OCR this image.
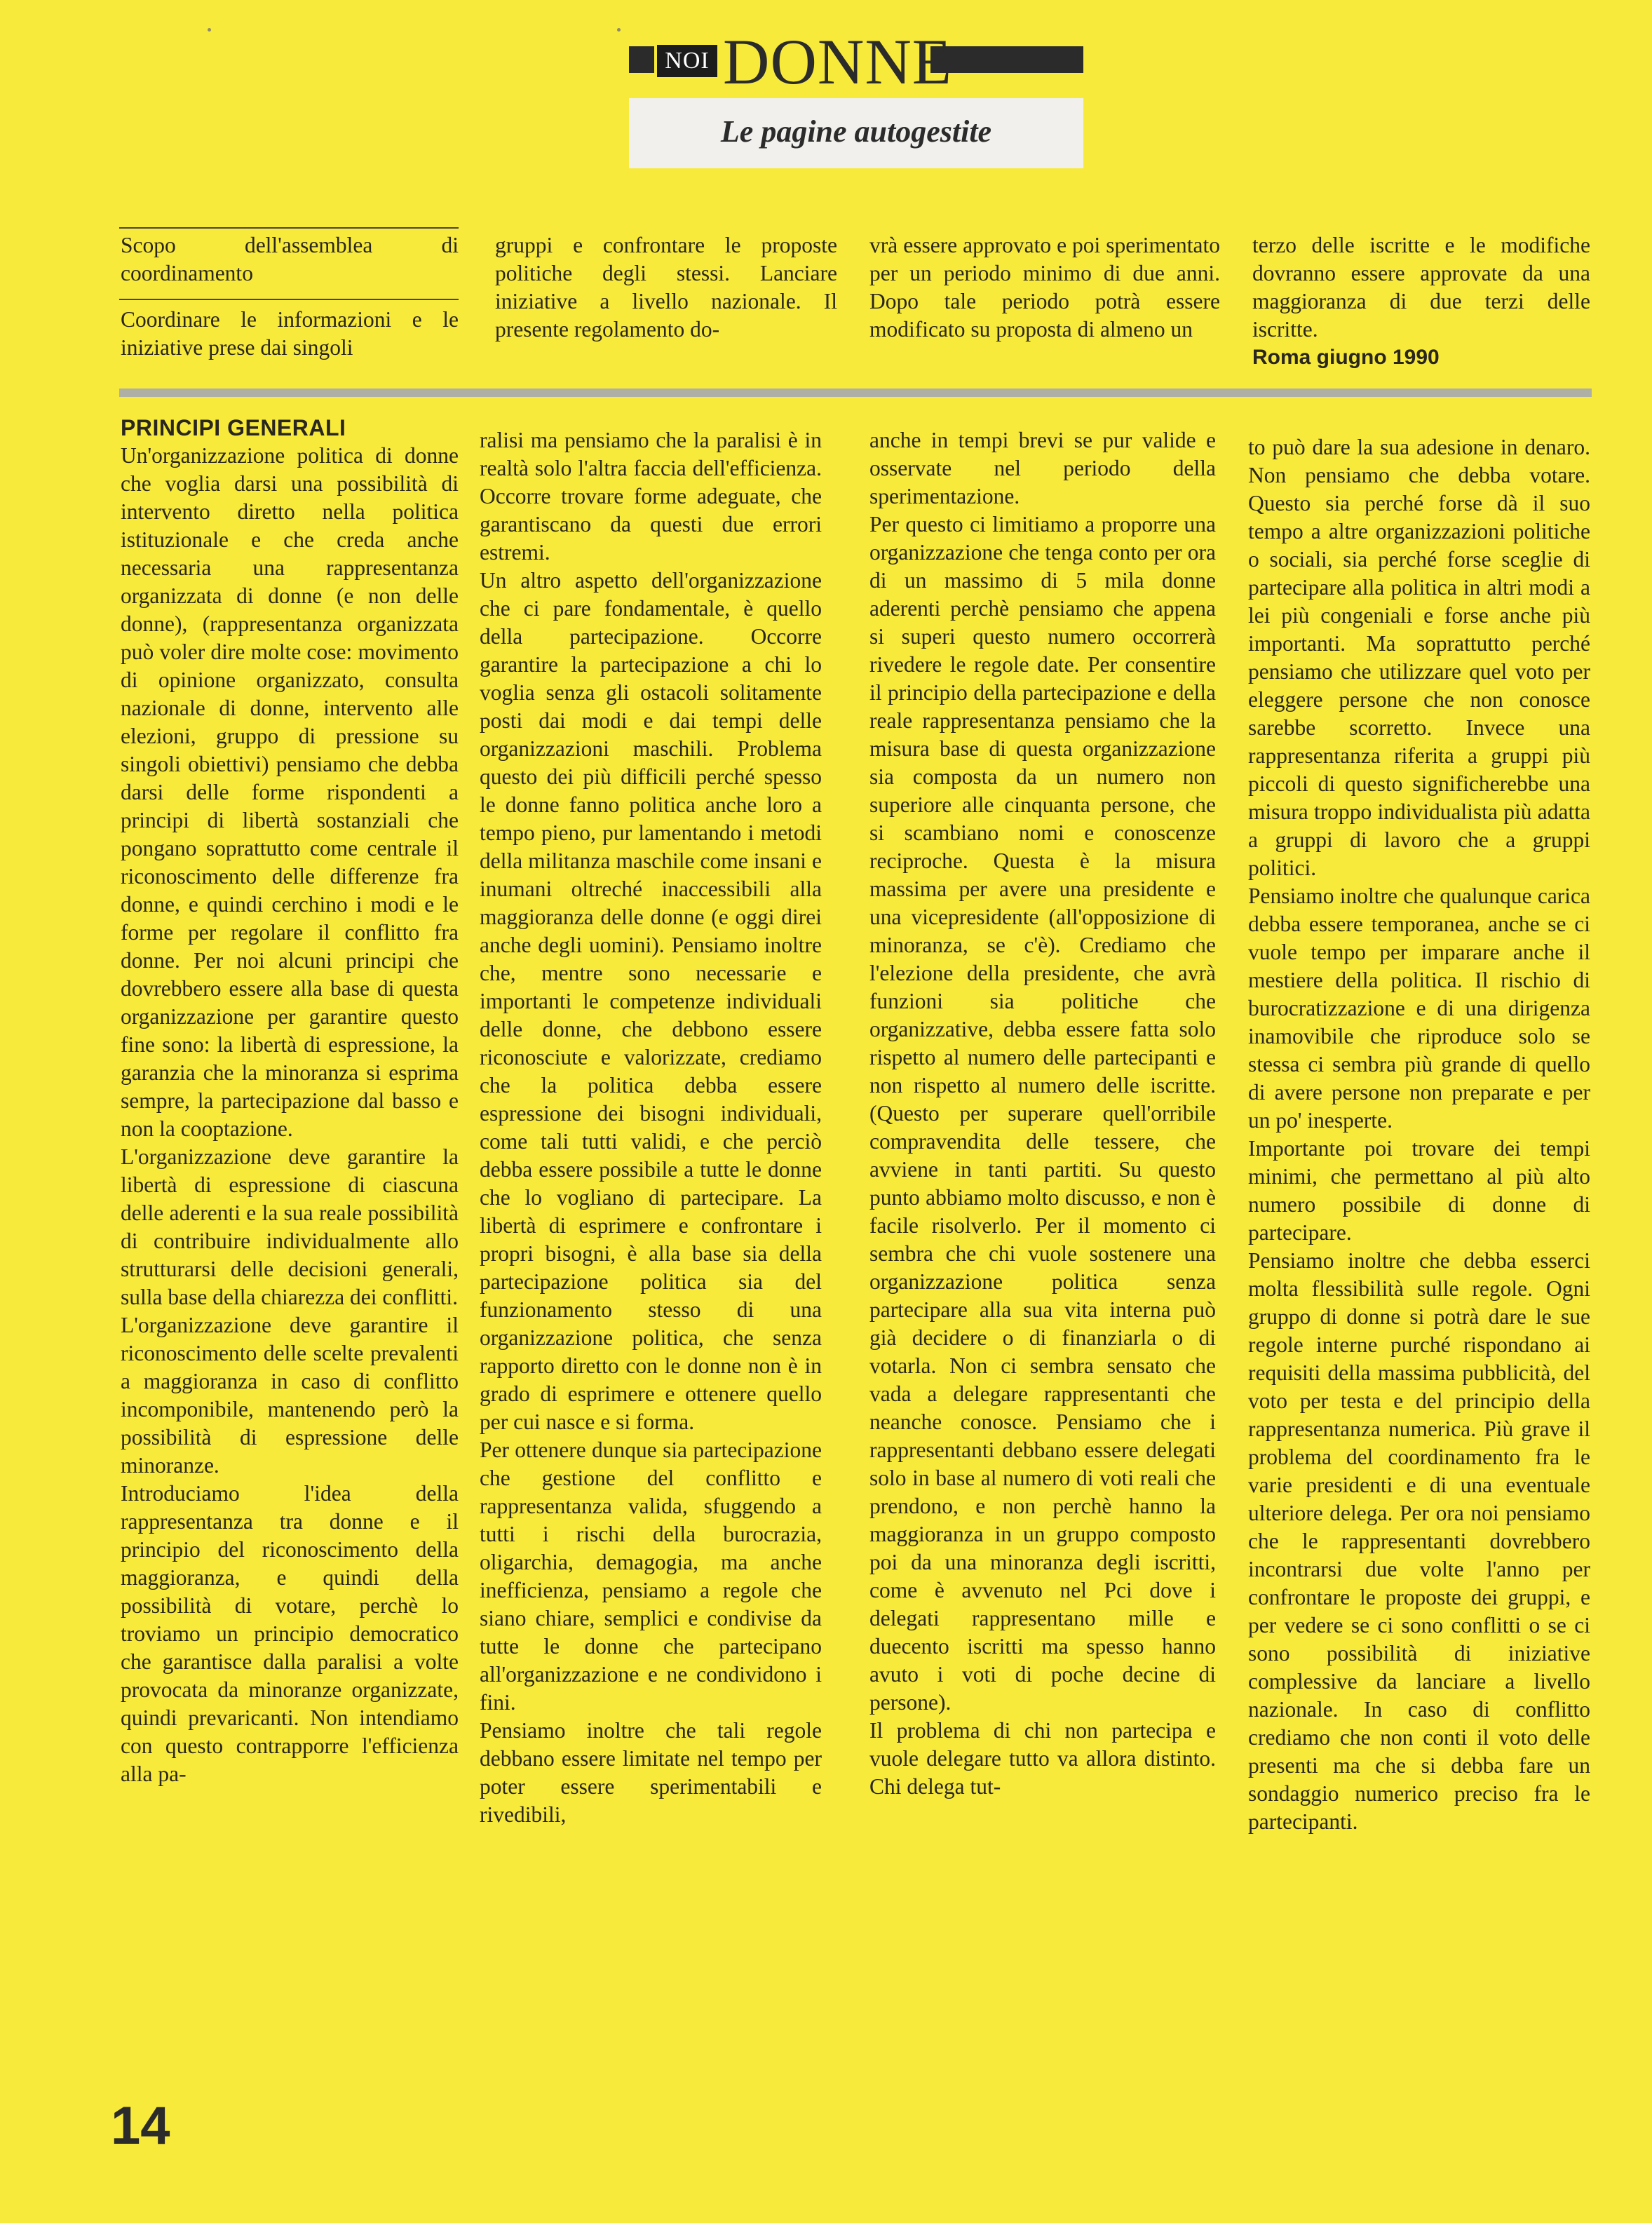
NOI DONNE
Le pagine autogestite

Scopo dell'assemblea di coordinamento

Coordinare le informazioni e le iniziative prese dai singoli

gruppi e confrontare le proposte politiche degli stessi. Lanciare iniziative a livello nazionale. Il presente regolamento do-

vrà essere approvato e poi sperimentato per un periodo minimo di due anni. Dopo tale periodo potrà essere modificato su proposta di almeno un

terzo delle iscritte e le modifiche dovranno essere approvate da una maggioranza di due terzi delle iscritte.

Roma giugno 1990

PRINCIPI GENERALI

Un'organizzazione politica di donne che voglia darsi una possibilità di intervento diretto nella politica istituzionale e che creda anche necessaria una rappresentanza organizzata di donne (e non delle donne), (rappresentanza organizzata può voler dire molte cose: movimento di opinione organizzato, consulta nazionale di donne, intervento alle elezioni, gruppo di pressione su singoli obiettivi) pensiamo che debba darsi delle forme rispondenti a principi di libertà sostanziali che pongano soprattutto come centrale il riconoscimento delle differenze fra donne, e quindi cerchino i modi e le forme per regolare il conflitto fra donne. Per noi alcuni principi che dovrebbero essere alla base di questa organizzazione per garantire questo fine sono: la libertà di espressione, la garanzia che la minoranza si esprima sempre, la partecipazione dal basso e non la cooptazione.

L'organizzazione deve garantire la libertà di espressione di ciascuna delle aderenti e la sua reale possibilità di contribuire individualmente allo strutturarsi delle decisioni generali, sulla base della chiarezza dei conflitti.

L'organizzazione deve garantire il riconoscimento delle scelte prevalenti a maggioranza in caso di conflitto incomponibile, mantenendo però la possibilità di espressione delle minoranze.

Introduciamo l'idea della rappresentanza tra donne e il principio del riconoscimento della maggioranza, e quindi della possibilità di votare, perchè lo troviamo un principio democratico che garantisce dalla paralisi a volte provocata da minoranze organizzate, quindi prevaricanti. Non intendiamo con questo contrapporre l'efficienza alla pa-

ralisi ma pensiamo che la paralisi è in realtà solo l'altra faccia dell'efficienza. Occorre trovare forme adeguate, che garantiscano da questi due errori estremi.

Un altro aspetto dell'organizzazione che ci pare fondamentale, è quello della partecipazione. Occorre garantire la partecipazione a chi lo voglia senza gli ostacoli solitamente posti dai modi e dai tempi delle organizzazioni maschili. Problema questo dei più difficili perché spesso le donne fanno politica anche loro a tempo pieno, pur lamentando i metodi della militanza maschile come insani e inumani oltreché inaccessibili alla maggioranza delle donne (e oggi direi anche degli uomini). Pensiamo inoltre che, mentre sono necessarie e importanti le competenze individuali delle donne, che debbono essere riconosciute e valorizzate, crediamo che la politica debba essere espressione dei bisogni individuali, come tali tutti validi, e che perciò debba essere possibile a tutte le donne che lo vogliano di partecipare. La libertà di esprimere e confrontare i propri bisogni, è alla base sia della partecipazione politica sia del funzionamento stesso di una organizzazione politica, che senza rapporto diretto con le donne non è in grado di esprimere e ottenere quello per cui nasce e si forma.

Per ottenere dunque sia partecipazione che gestione del conflitto e rappresentanza valida, sfuggendo a tutti i rischi della burocrazia, oligarchia, demagogia, ma anche inefficienza, pensiamo a regole che siano chiare, semplici e condivise da tutte le donne che partecipano all'organizzazione e ne condividono i fini.

Pensiamo inoltre che tali regole debbano essere limitate nel tempo per poter essere sperimentabili e rivedibili,

anche in tempi brevi se pur valide e osservate nel periodo della sperimentazione.

Per questo ci limitiamo a proporre una organizzazione che tenga conto per ora di un massimo di 5 mila donne aderenti perchè pensiamo che appena si superi questo numero occorrerà rivedere le regole date. Per consentire il principio della partecipazione e della reale rappresentanza pensiamo che la misura base di questa organizzazione sia composta da un numero non superiore alle cinquanta persone, che si scambiano nomi e conoscenze reciproche. Questa è la misura massima per avere una presidente e una vicepresidente (all'opposizione di minoranza, se c'è). Crediamo che l'elezione della presidente, che avrà funzioni sia politiche che organizzative, debba essere fatta solo rispetto al numero delle partecipanti e non rispetto al numero delle iscritte.(Questo per superare quell'orribile compravendita delle tessere, che avviene in tanti partiti. Su questo punto abbiamo molto discusso, e non è facile risolverlo. Per il momento ci sembra che chi vuole sostenere una organizzazione politica senza partecipare alla sua vita interna può già decidere o di finanziarla o di votarla. Non ci sembra sensato che vada a delegare rappresentanti che neanche conosce. Pensiamo che i rappresentanti debbano essere delegati solo in base al numero di voti reali che prendono, e non perchè hanno la maggioranza in un gruppo composto poi da una minoranza degli iscritti, come è avvenuto nel Pci dove i delegati rappresentano mille e duecento iscritti ma spesso hanno avuto i voti di poche decine di persone).

Il problema di chi non partecipa e vuole delegare tutto va allora distinto. Chi delega tut-

to può dare la sua adesione in denaro. Non pensiamo che debba votare. Questo sia perché forse dà il suo tempo a altre organizzazioni politiche o sociali, sia perché forse sceglie di partecipare alla politica in altri modi a lei più congeniali e forse anche più importanti. Ma soprattutto perché pensiamo che utilizzare quel voto per eleggere persone che non conosce sarebbe scorretto. Invece una rappresentanza riferita a gruppi più piccoli di questo significherebbe una misura troppo individualista più adatta a gruppi di lavoro che a gruppi politici.

Pensiamo inoltre che qualunque carica debba essere temporanea, anche se ci vuole tempo per imparare anche il mestiere della politica. Il rischio di burocratizzazione e di una dirigenza inamovibile che riproduce solo se stessa ci sembra più grande di quello di avere persone non preparate e per un po' inesperte.

Importante poi trovare dei tempi minimi, che permettano al più alto numero possibile di donne di partecipare.

Pensiamo inoltre che debba esserci molta flessibilità sulle regole. Ogni gruppo di donne si potrà dare le sue regole interne purché rispondano ai requisiti della massima pubblicità, del voto per testa e del principio della rappresentanza numerica. Più grave il problema del coordinamento fra le varie presidenti e di una eventuale ulteriore delega. Per ora noi pensiamo che le rappresentanti dovrebbero incontrarsi due volte l'anno per confrontare le proposte dei gruppi, e per vedere se ci sono conflitti o se ci sono possibilità di iniziative complessive da lanciare a livello nazionale. In caso di conflitto crediamo che non conti il voto delle presenti ma che si debba fare un sondaggio numerico preciso fra le partecipanti.

14
